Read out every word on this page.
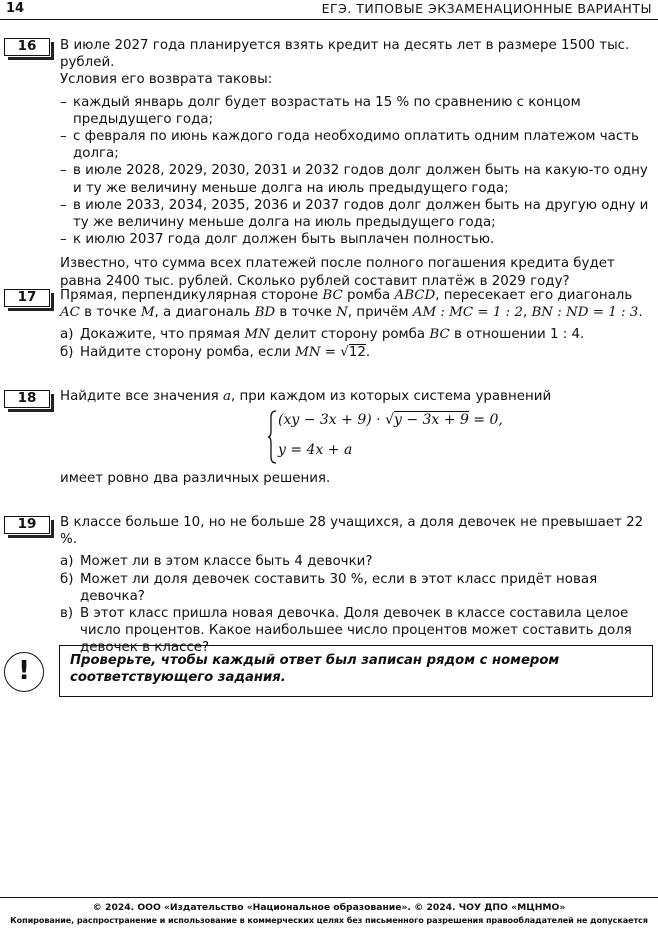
14	ЕГЭ. ТИПОВЫЕ ЭКЗАМЕНАЦИОННЫЕ ВАРИАНТЫ
16	В июле 2027 года планируется взять кредит на десять лет в размере 1500 тыс. рублей.

Условия его возврата таковы:

– каждый январь долг будет возрастать на 15 % по сравнению с концом предыдущего года;
– с февраля по июнь каждого года необходимо оплатить одним платежом часть долга;
– в июле 2028, 2029, 2030, 2031 и 2032 годов долг должен быть на какую-то одну и ту же величину меньше долга на июль предыдущего года;
– в июле 2033, 2034, 2035, 2036 и 2037 годов долг должен быть на другую одну и ту же величину меньше долга на июль предыдущего года;
– к июлю 2037 года долг должен быть выплачен полностью.

Известно, что сумма всех платежей после полного погашения кредита будет равна 2400 тыс. рублей. Сколько рублей составит платёж в 2029 году?

17	Прямая, перпендикулярная стороне BC ромба ABCD, пересекает его диагональ AC в точке M, а диагональ BD в точке N, причём AM : MC = 1 : 2, BN : ND = 1 : 3.

а) Докажите, что прямая MN делит сторону ромба BC в отношении 1 : 4.
б) Найдите сторону ромба, если MN = √12.
18	Найдите все значения a, при каждом из которых система уравнений

(xy − 3x + 9) · √y − 3x + 9 = 0,
y = 4x + a

имеет ровно два различных решения.

19	В классе больше 10, но не больше 28 учащихся, а доля девочек не превышает 22 %.

а) Может ли в этом классе быть 4 девочки?
б) Может ли доля девочек составить 30 %, если в этот класс придёт новая девочка?
в) В этот класс пришла новая девочка. Доля девочек в классе составила целое число процентов. Какое наибольшее число процентов может составить доля девочек в классе?
!	Проверьте, чтобы каждый ответ был записан рядом с номером соответствующего задания.
© 2024. ООО «Издательство «Национальное образование». © 2024. ЧОУ ДПО «МЦНМО»
Копирование, распространение и использование в коммерческих целях без письменного разрешения правообладателей не допускается
